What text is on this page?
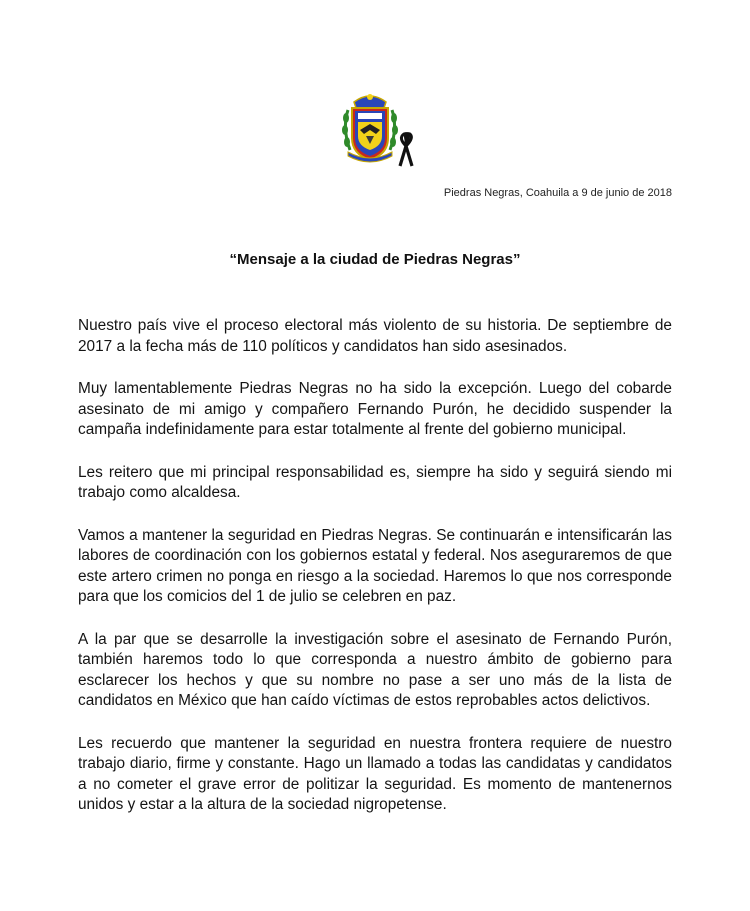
Piedras Negras, Coahuila a 9 de junio de 2018
“Mensaje a la ciudad de Piedras Negras”

Nuestro país vive el proceso electoral más violento de su historia. De septiembre de 2017 a la fecha más de 110 políticos y candidatos han sido asesinados.

Muy lamentablemente Piedras Negras no ha sido la excepción. Luego del cobarde asesinato de mi amigo y compañero Fernando Purón, he decidido suspender la campaña indefinidamente para estar totalmente al frente del gobierno municipal.

Les reitero que mi principal responsabilidad es, siempre ha sido y seguirá siendo mi trabajo como alcaldesa.

Vamos a mantener la seguridad en Piedras Negras. Se continuarán e intensificarán las labores de coordinación con los gobiernos estatal y federal. Nos aseguraremos de que este artero crimen no ponga en riesgo a la sociedad. Haremos lo que nos corresponde para que los comicios del 1 de julio se celebren en paz.

A la par que se desarrolle la investigación sobre el asesinato de Fernando Purón, también haremos todo lo que corresponda a nuestro ámbito de gobierno para esclarecer los hechos y que su nombre no pase a ser uno más de la lista de candidatos en México que han caído víctimas de estos reprobables actos delictivos.

Les recuerdo que mantener la seguridad en nuestra frontera requiere de nuestro trabajo diario, firme y constante. Hago un llamado a todas las candidatas y candidatos a no cometer el grave error de politizar la seguridad. Es momento de mantenernos unidos y estar a la altura de la sociedad nigropetense.
